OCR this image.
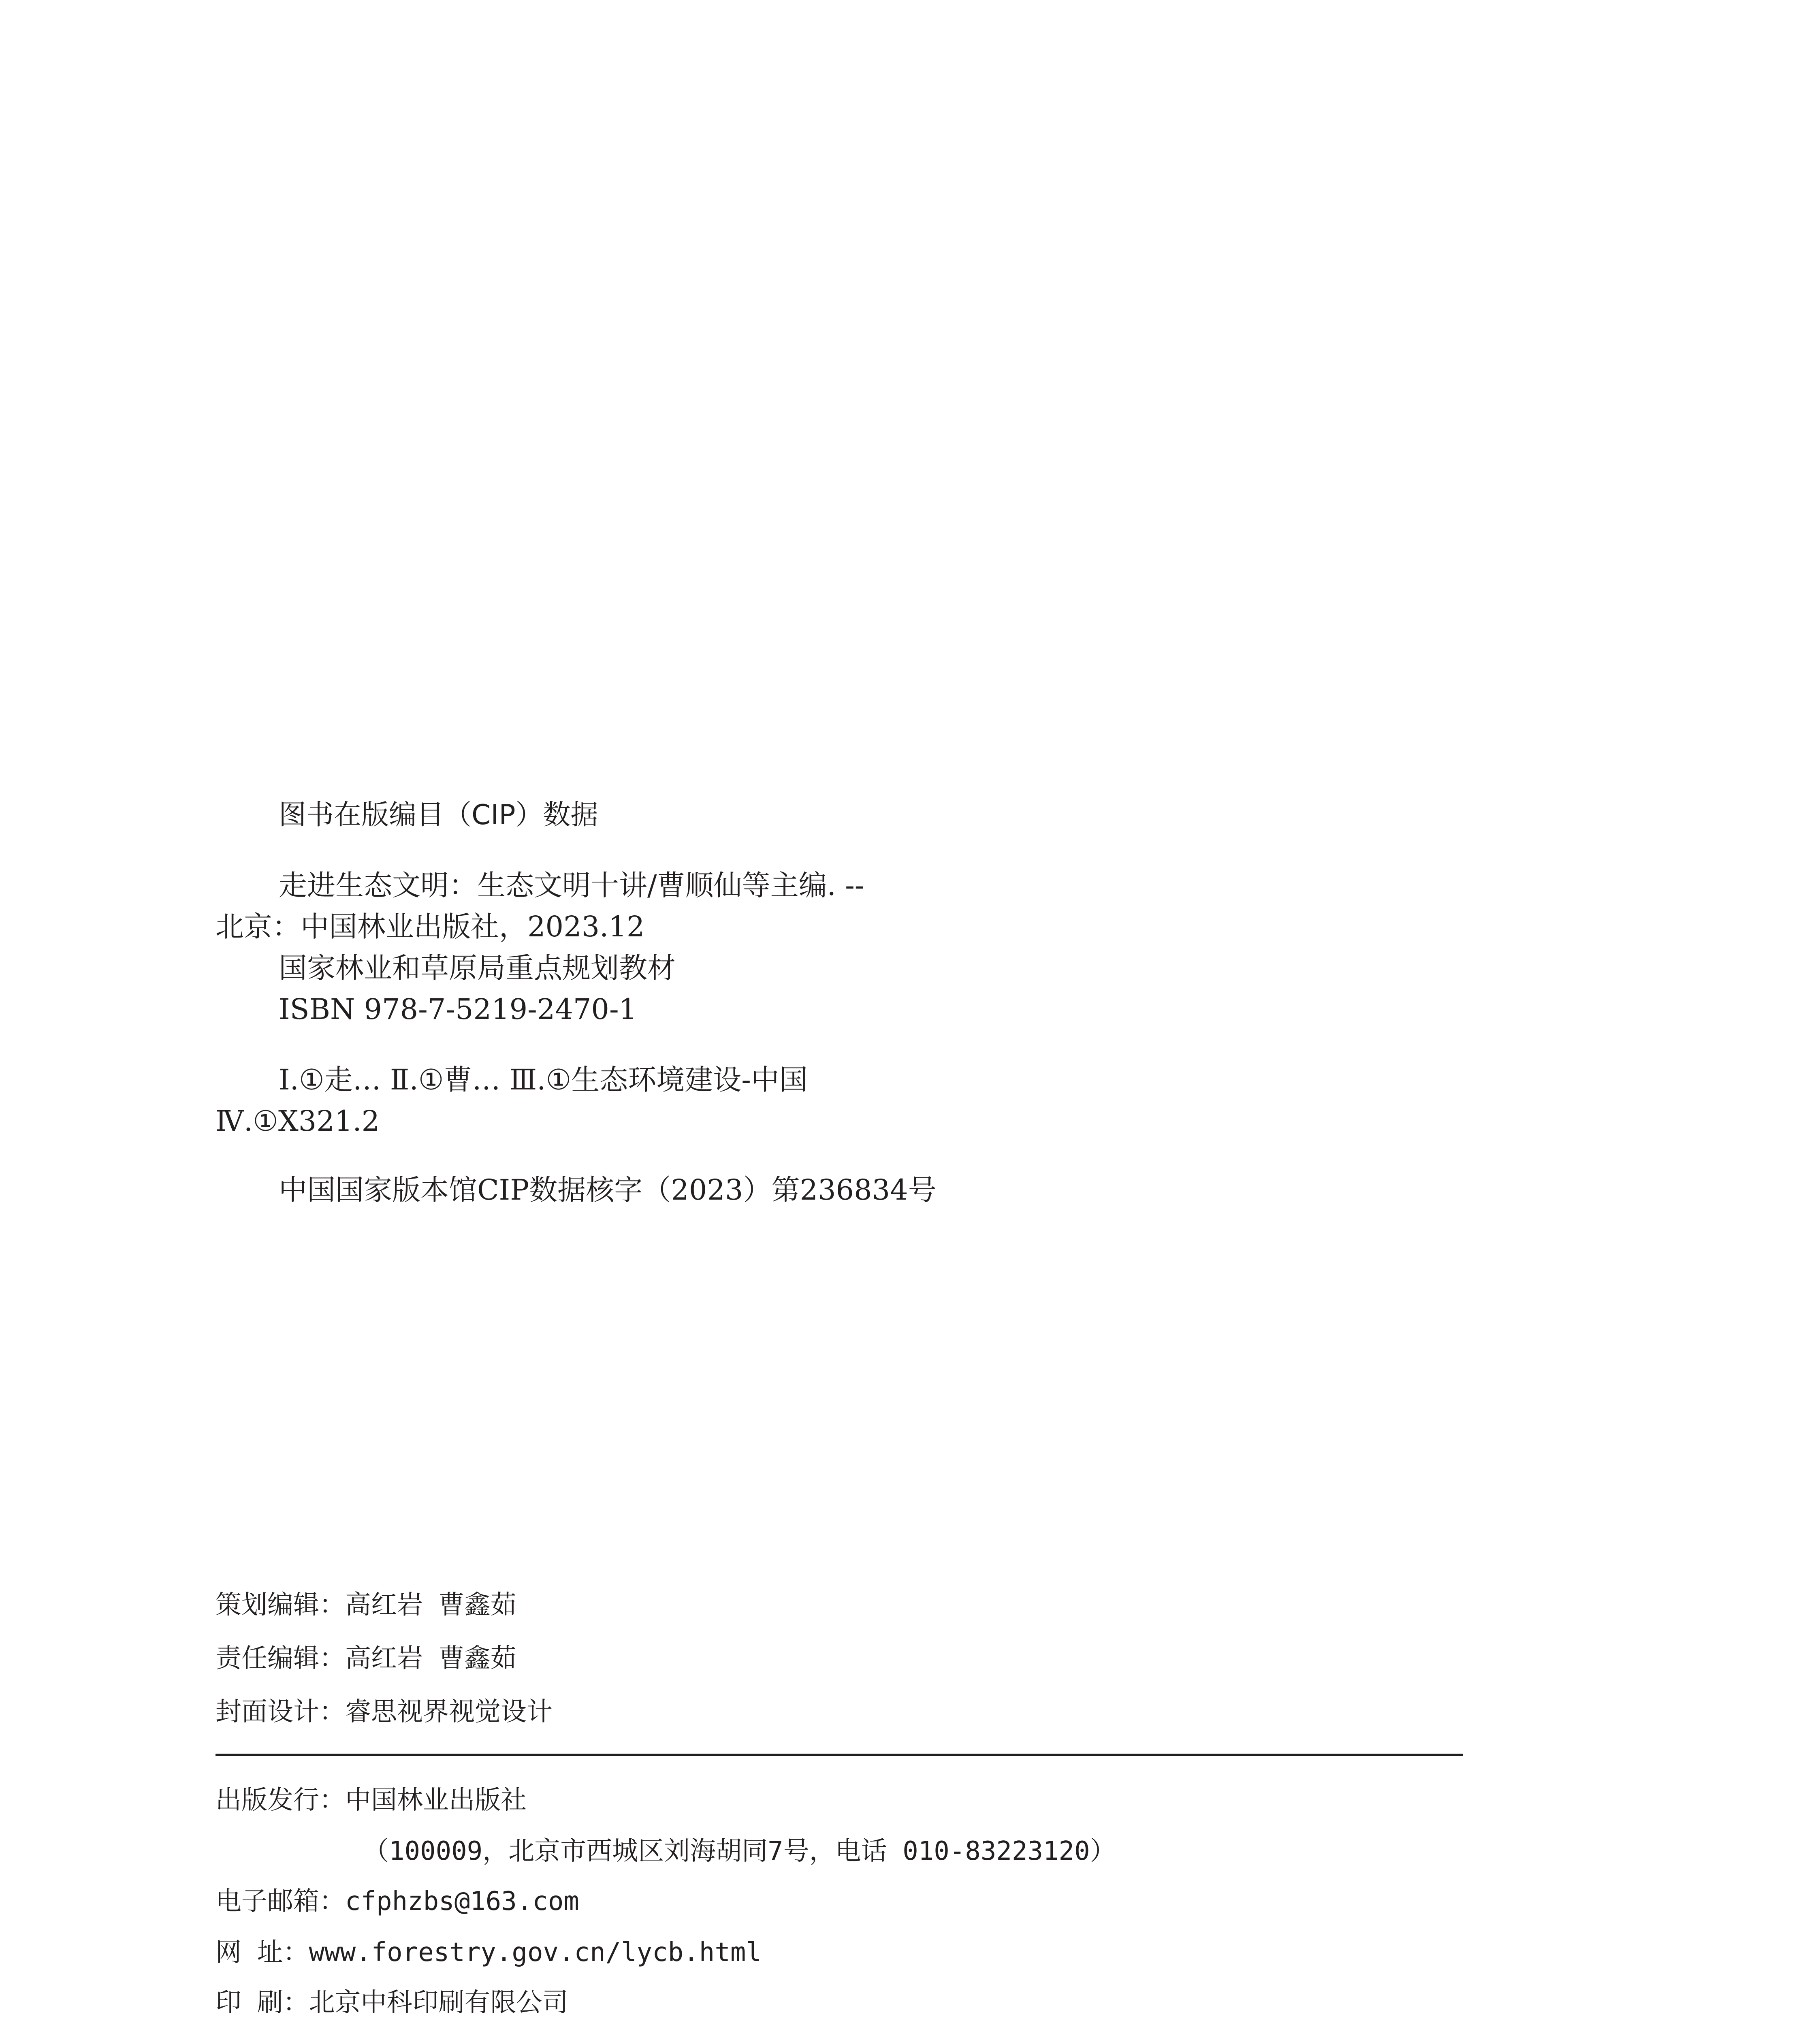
图书在版编目（CIP）数据
走进生态文明：生态文明十讲/曹顺仙等主编. --
北京：中国林业出版社，2023.12
国家林业和草原局重点规划教材
ISBN 978-7-5219-2470-1
Ⅰ.①走… Ⅱ.①曹… Ⅲ.①生态环境建设-中国
Ⅳ.①X321.2
中国国家版本馆CIP数据核字（2023）第236834号
策划编辑：高红岩 曹鑫茹
责任编辑：高红岩 曹鑫茹
封面设计：睿思视界视觉设计
出版发行：中国林业出版社
（100009，北京市西城区刘海胡同7号，电话 010-83223120）
电子邮箱：cfphzbs@163.com
网 址：www.forestry.gov.cn/lycb.html
印 刷：北京中科印刷有限公司
